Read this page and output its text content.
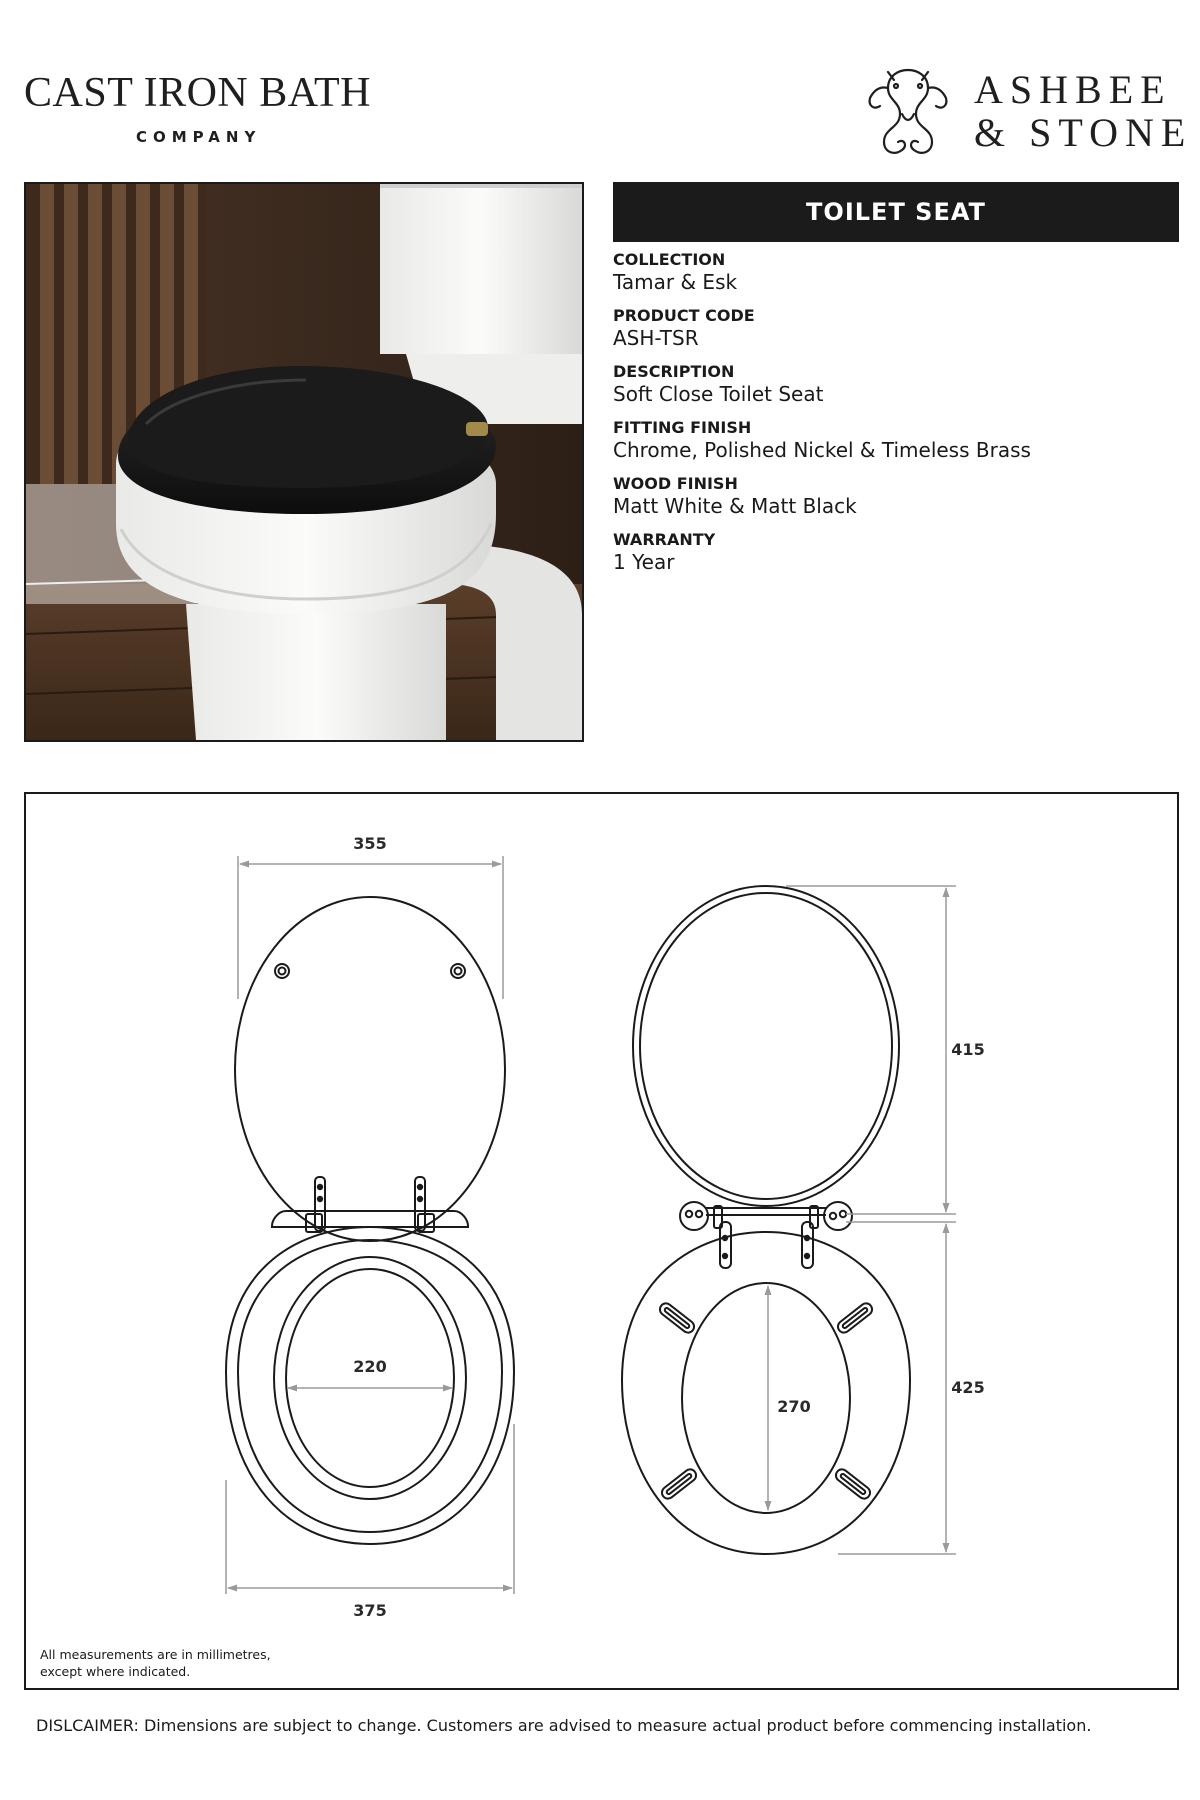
CAST IRON BATH
COMPANY
ASHBEE
& STONE
TOILET SEAT
COLLECTION
Tamar & Esk
PRODUCT CODE
ASH-TSR
DESCRIPTION
Soft Close Toilet Seat
FITTING FINISH
Chrome, Polished Nickel & Timeless Brass
WOOD FINISH
Matt White & Matt Black
WARRANTY
1 Year
355
220
375
270
415
425
All measurements are in millimetres,
except where indicated.
DISLCAIMER: Dimensions are subject to change. Customers are advised to measure actual product before commencing installation.
